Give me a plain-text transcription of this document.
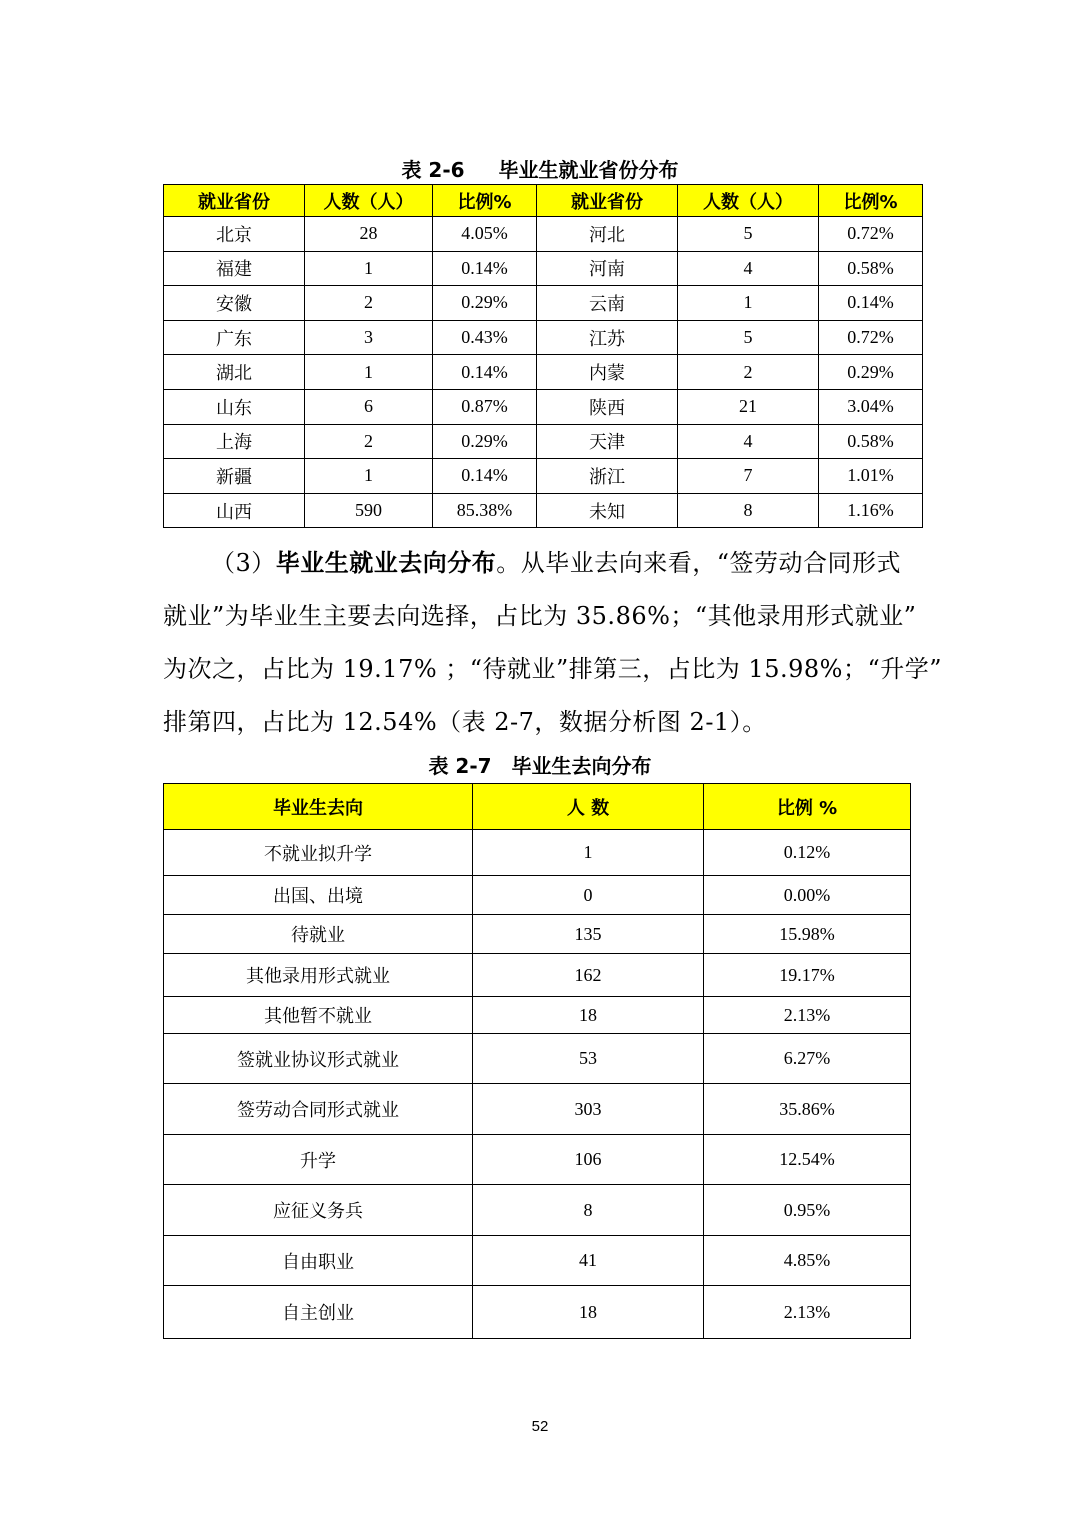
表 2-6 毕业生就业省份分布
就业省份	人数（人）	比例%	就业省份	人数（人）	比例%
北京	28	4.05%	河北	5	0.72%
福建	1	0.14%	河南	4	0.58%
安徽	2	0.29%	云南	1	0.14%
广东	3	0.43%	江苏	5	0.72%
湖北	1	0.14%	内蒙	2	0.29%
山东	6	0.87%	陕西	21	3.04%
上海	2	0.29%	天津	4	0.58%
新疆	1	0.14%	浙江	7	1.01%
山西	590	85.38%	未知	8	1.16%
（3）毕业生就业去向分布。从毕业去向来看，“签劳动合同形式
就业”为毕业生主要去向选择，占比为 35.86%；“其他录用形式就业”
为次之，占比为 19.17% ；“待就业”排第三，占比为 15.98%；“升学”
排第四，占比为 12.54%（表 2-7，数据分析图 2-1）。
表 2-7 毕业生去向分布
毕业生去向	人 数	比例 %
不就业拟升学	1	0.12%
出国、出境	0	0.00%
待就业	135	15.98%
其他录用形式就业	162	19.17%
其他暂不就业	18	2.13%
签就业协议形式就业	53	6.27%
签劳动合同形式就业	303	35.86%
升学	106	12.54%
应征义务兵	8	0.95%
自由职业	41	4.85%
自主创业	18	2.13%
52
